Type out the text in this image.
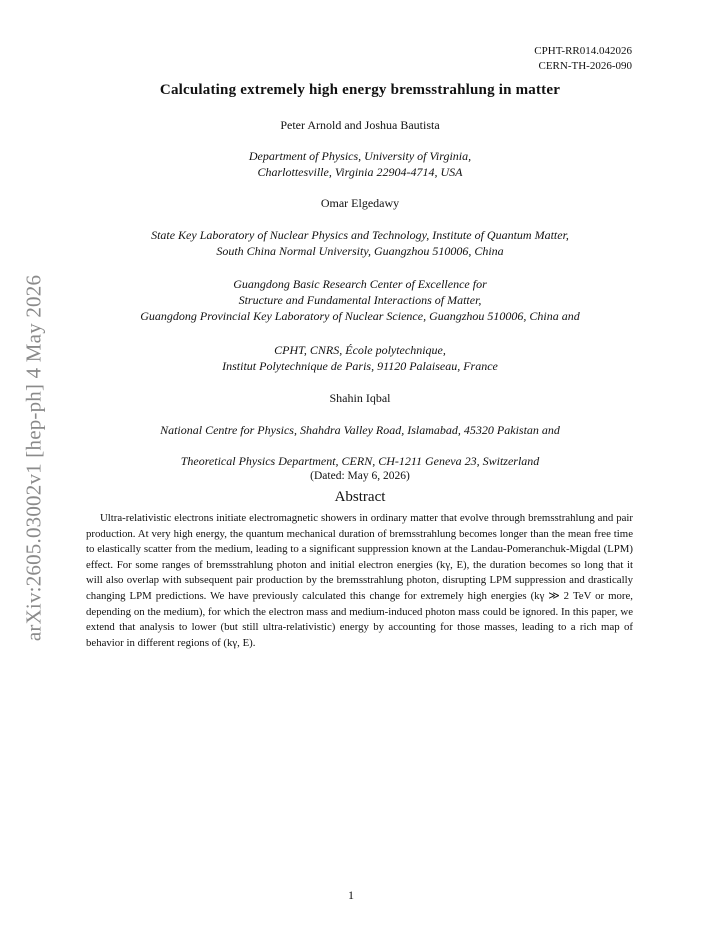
arXiv:2605.03002v1 [hep-ph] 4 May 2026
CPHT-RR014.042026
CERN-TH-2026-090
Calculating extremely high energy bremsstrahlung in matter
Peter Arnold and Joshua Bautista
Department of Physics, University of Virginia,
Charlottesville, Virginia 22904-4714, USA
Omar Elgedawy
State Key Laboratory of Nuclear Physics and Technology, Institute of Quantum Matter,
South China Normal University, Guangzhou 510006, China
Guangdong Basic Research Center of Excellence for
Structure and Fundamental Interactions of Matter,
Guangdong Provincial Key Laboratory of Nuclear Science, Guangzhou 510006, China and
CPHT, CNRS, École polytechnique,
Institut Polytechnique de Paris, 91120 Palaiseau, France
Shahin Iqbal
National Centre for Physics, Shahdra Valley Road, Islamabad, 45320 Pakistan and
Theoretical Physics Department, CERN, CH-1211 Geneva 23, Switzerland
(Dated: May 6, 2026)
Abstract
Ultra-relativistic electrons initiate electromagnetic showers in ordinary matter that evolve through bremsstrahlung and pair production. At very high energy, the quantum mechanical duration of bremsstrahlung becomes longer than the mean free time to elastically scatter from the medium, leading to a significant suppression known at the Landau-Pomeranchuk-Migdal (LPM) effect. For some ranges of bremsstrahlung photon and initial electron energies (kγ, E), the duration becomes so long that it will also overlap with subsequent pair production by the bremsstrahlung photon, disrupting LPM suppression and drastically changing LPM predictions. We have previously calculated this change for extremely high energies (kγ ≫ 2 TeV or more, depending on the medium), for which the electron mass and medium-induced photon mass could be ignored. In this paper, we extend that analysis to lower (but still ultra-relativistic) energy by accounting for those masses, leading to a rich map of behavior in different regions of (kγ, E).
1
